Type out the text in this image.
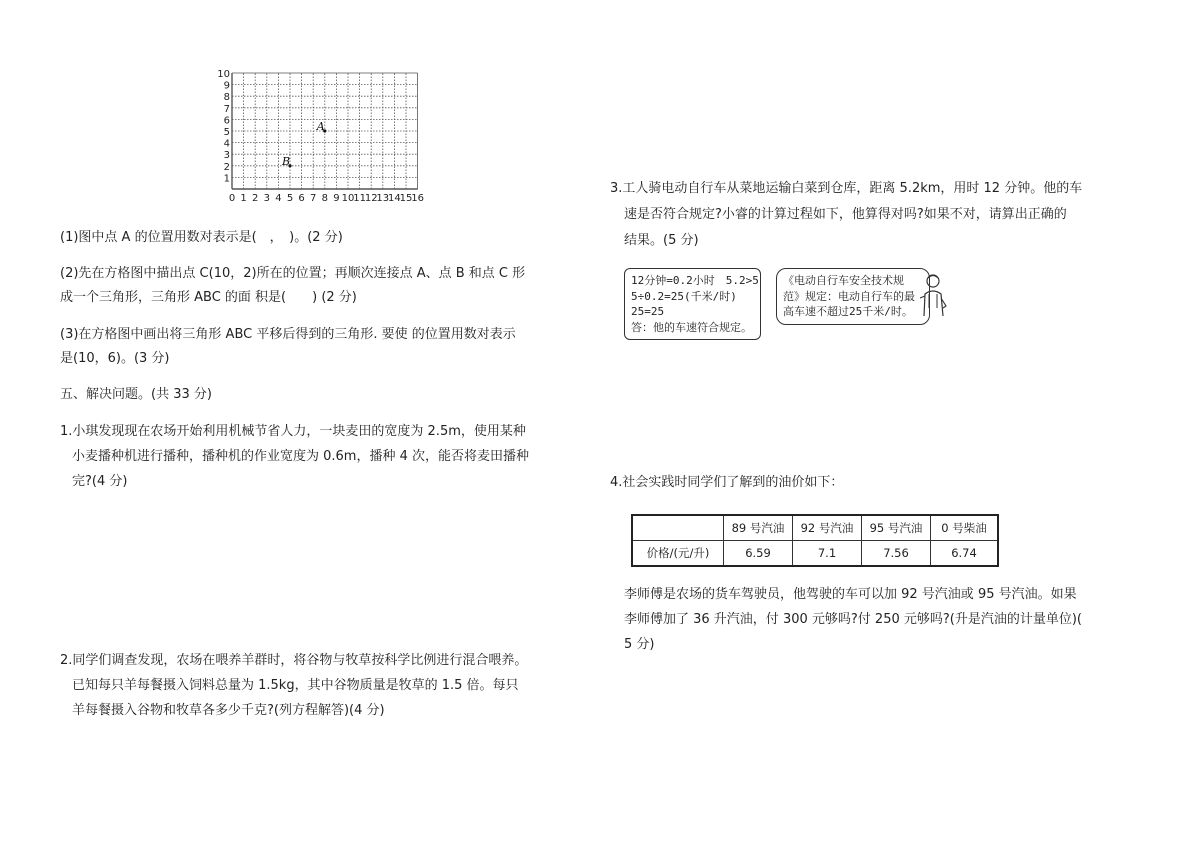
0 1 2 3 4 5 6 7 8 9 10
11
12
13
14
15
16
1
2
3
4
5
6
7
8
9
10
A
B
(1)图中点 A 的位置用数对表示是(　，　)。(2 分)
(2)先在方格图中描出点 C(10，2)所在的位置；再顺次连接点 A、点 B 和点 C 形
成一个三角形，三角形 ABC 的面 积是(　　) (2 分)
(3)在方格图中画出将三角形 ABC 平移后得到的三角形. 要使 的位置用数对表示
是(10，6)。(3 分)
五、解决问题。(共 33 分)
1.小琪发现现在农场开始利用机械节省人力，一块麦田的宽度为 2.5m，使用某种
小麦播种机进行播种，播种机的作业宽度为 0.6m，播种 4 次，能否将麦田播种
完?(4 分)
2.同学们调查发现，农场在喂养羊群时，将谷物与牧草按科学比例进行混合喂养。
已知每只羊每餐摄入饲料总量为 1.5kg，其中谷物质量是牧草的 1.5 倍。每只
羊每餐摄入谷物和牧草各多少千克?(列方程解答)(4 分)
3.工人骑电动自行车从菜地运输白菜到仓库，距离 5.2km，用时 12 分钟。他的车
速是否符合规定?小睿的计算过程如下，他算得对吗?如果不对，请算出正确的
结果。(5 分)
12分钟=0.2小时　5.2>5
5÷0.2=25(千米/时)
25=25
答：他的车速符合规定。
《电动自行车安全技术规
范》规定：电动自行车的最
高车速不超过25千米/时。
4.社会实践时同学们了解到的油价如下：
	89 号汽油	92 号汽油	95 号汽油	0 号柴油
价格/(元/升)	6.59	7.1	7.56	6.74
李师傅是农场的货车驾驶员，他驾驶的车可以加 92 号汽油或 95 号汽油。如果
李师傅加了 36 升汽油，付 300 元够吗?付 250 元够吗?(升是汽油的计量单位)(
5 分)
